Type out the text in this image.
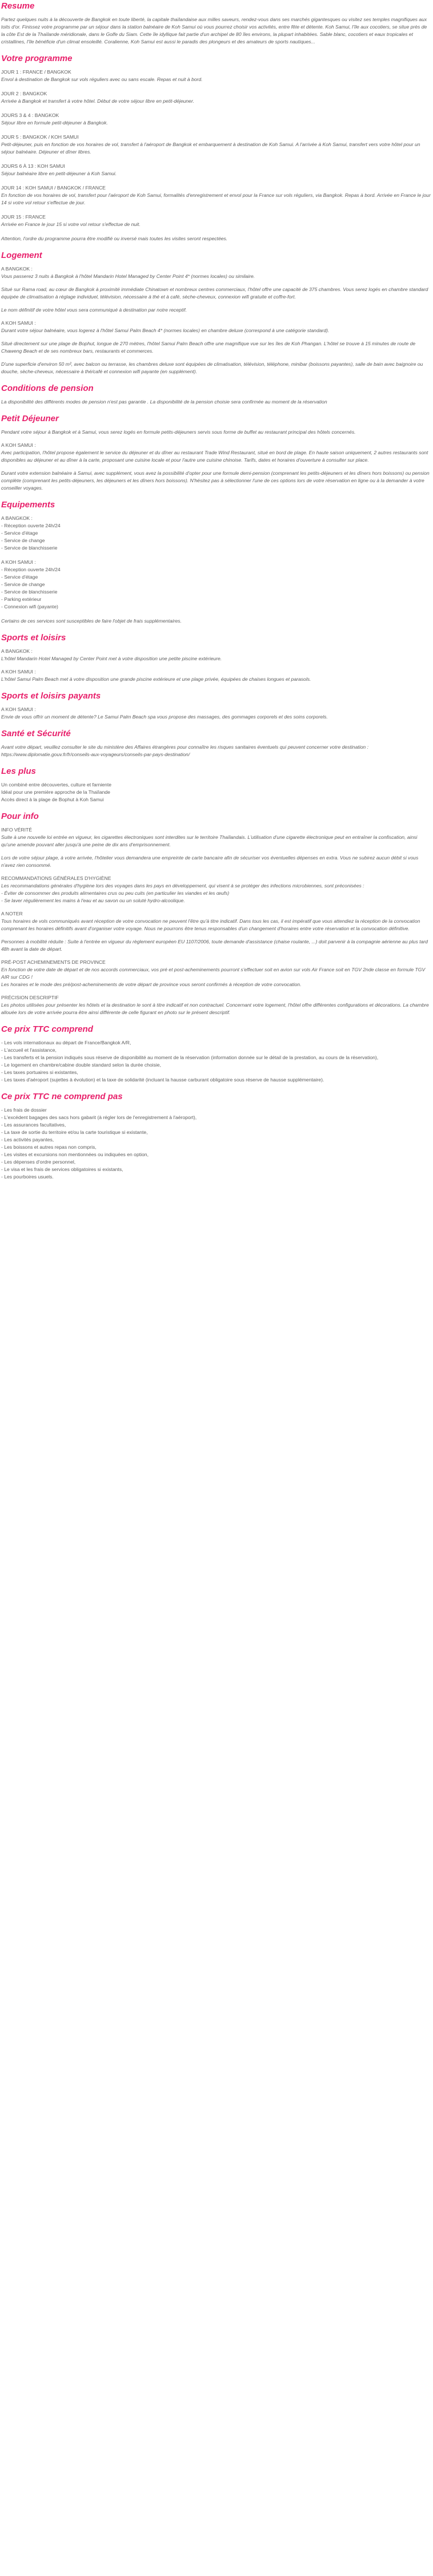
Resume

Partez quelques nuits à la découverte de Bangkok en toute liberté, la capitale thaïlandaise aux milles saveurs, rendez-vous dans ses marchés gigantesques ou visitez ses temples magnifiques aux toits d'or. Finissez votre programme par un séjour dans la station balnéaire de Koh Samui où vous pourrez choisir vos activités, entre fête et détente. Koh Samui, l'île aux cocotiers, se situe près de la côte Est de la Thaïlande méridionale, dans le Golfe du Siam. Cette île idyllique fait partie d'un archipel de 80 îles environs, la plupart inhabitées. Sable blanc, cocotiers et eaux tropicales et cristallines, l'île bénéficie d'un climat ensoleillé. Coralienne, Koh Samui est aussi le paradis des plongeurs et des amateurs de sports nautiques...

Votre programme

JOUR 1 : FRANCE / BANGKOK

Envol à destination de Bangkok sur vols réguliers avec ou sans escale. Repas et nuit à bord.

JOUR 2 : BANGKOK

Arrivée à Bangkok et transfert à votre hôtel. Début de votre séjour libre en petit-déjeuner.

JOURS 3 & 4 : BANGKOK

Séjour libre en formule petit-déjeuner à Bangkok.

JOUR 5 : BANGKOK / KOH SAMUI

Petit-déjeuner, puis en fonction de vos horaires de vol, transfert à l'aéroport de Bangkok et embarquement à destination de Koh Samui. A l'arrivée à Koh Samui, transfert vers votre hôtel pour un séjour balnéaire. Déjeuner et dîner libres.

JOURS 6 À 13 : KOH SAMUI

Séjour balnéaire libre en petit-déjeuner à Koh Samui.

JOUR 14 : KOH SAMUI / BANGKOK / FRANCE

En fonction de vos horaires de vol, transfert pour l'aéroport de Koh Samui, formalités d'enregistrement et envol pour la France sur vols réguliers, via Bangkok. Repas à bord. Arrivée en France le jour 14 si votre vol retour s'effectue de jour.

JOUR 15 : FRANCE

Arrivée en France le jour 15 si votre vol retour s'effectue de nuit.

Attention, l'ordre du programme pourra être modifié ou inversé mais toutes les visites seront respectées.

Logement

A BANGKOK :

Vous passerez 3 nuits à Bangkok à l'hôtel Mandarin Hotel Managed by Center Point 4* (normes locales) ou similaire.

Situé sur Rama road, au cœur de Bangkok à proximité immédiate Chinatown et nombreux centres commerciaux, l'hôtel offre une capacité de 375 chambres. Vous serez logés en chambre standard équipée de climatisation à réglage individuel, télévision, nécessaire à thé et à café, sèche-cheveux, connexion wifi gratuite et coffre-fort.

Le nom définitif de votre hôtel vous sera communiqué à destination par notre receptif.

A KOH SAMUI :

Durant votre séjour balnéaire, vous logerez à l'hôtel Samui Palm Beach 4* (normes locales) en chambre deluxe (correspond à une catégorie standard).

Situé directement sur une plage de Bophut, longue de 270 mètres, l'hôtel Samui Palm Beach offre une magnifique vue sur les îles de Koh Phangan. L'hôtel se trouve à 15 minutes de route de Chaweng Beach et de ses nombreux bars, restaurants et commerces.

D'une superficie d'environ 50 m², avec balcon ou terrasse, les chambres deluxe sont équipées de climatisation, télévision, téléphone, minibar (boissons payantes), salle de bain avec baignoire ou douche, sèche-cheveux, nécessaire à thé/café et connexion wifi payante (en supplément).

Conditions de pension

La disponibilité des différents modes de pension n'est pas garantie . La disponibilité de la pension choisie sera confirmée au moment de la réservation

Petit Déjeuner

Pendant votre séjour à Bangkok et à Samui, vous serez logés en formule petits-déjeuners servis sous forme de buffet au restaurant principal des hôtels concernés.

A KOH SAMUI :

Avec participation, l'hôtel propose également le service du déjeuner et du dîner au restaurant Trade Wind Restaurant, situé en bord de plage. En haute saison uniquement, 2 autres restaurants sont disponibles au déjeuner et au dîner à la carte, proposant une cuisine locale et pour l'autre une cuisine chinoise. Tarifs, dates et horaires d'ouverture à consulter sur place.

Durant votre extension balnéaire à Samui, avec supplément, vous avez la possibilité d'opter pour une formule demi-pension (comprenant les petits-déjeuners et les dîners hors boissons) ou pension complète (comprenant les petits-déjeuners, les déjeuners et les dîners hors boissons). N'hésitez pas à sélectionner l'une de ces options lors de votre réservation en ligne ou à la demander à votre conseiller voyages.

Equipements

A BANGKOK :

- Réception ouverte 24h/24
- Service d'étage
- Service de change
- Service de blanchisserie

A KOH SAMUI :

- Réception ouverte 24h/24
- Service d'étage
- Service de change
- Service de blanchisserie
- Parking extérieur
- Connexion wifi (payante)

Certains de ces services sont susceptibles de faire l'objet de frais supplémentaires.

Sports et loisirs

A BANGKOK :

L'hôtel Mandarin Hotel Managed by Center Point met à votre disposition une petite piscine extérieure.

A KOH SAMUI :

L'hôtel Samui Palm Beach met à votre disposition une grande piscine extérieure et une plage privée, équipées de chaises longues et parasols.

Sports et loisirs payants

A KOH SAMUI :

Envie de vous offrir un moment de détente? Le Samui Palm Beach spa vous propose des massages, des gommages corporels et des soins corporels.

Santé et Sécurité

Avant votre départ, veuillez consulter le site du ministère des Affaires étrangères pour connaître les risques sanitaires éventuels qui peuvent concerner votre destination : https://www.diplomatie.gouv.fr/fr/conseils-aux-voyageurs/conseils-par-pays-destination/

Les plus
Un combiné entre découvertes, culture et farniente
Idéal pour une première approche de la Thaïlande
Accès direct à la plage de Bophut à Koh Samui
Pour info

INFO VÉRITÉ

Suite à une nouvelle loi entrée en vigueur, les cigarettes électroniques sont interdites sur le territoire Thaïlandais. L'utilisation d'une cigarette électronique peut en entraîner la confiscation, ainsi qu'une amende pouvant aller jusqu'à une peine de dix ans d'emprisonnement.

Lors de votre séjour plage, à votre arrivée, l'hôtelier vous demandera une empreinte de carte bancaire afin de sécuriser vos éventuelles dépenses en extra. Vous ne subirez aucun débit si vous n'avez rien consommé.

RECOMMANDATIONS GÉNÉRALES D'HYGIÈNE

Les recommandations générales d'hygiène lors des voyages dans les pays en développement, qui visent à se protéger des infections microbiennes, sont préconisées :
- Éviter de consommer des produits alimentaires crus ou peu cuits (en particulier les viandes et les œufs)
- Se laver régulièrement les mains à l'eau et au savon ou un soluté hydro-alcoolique.

A NOTER

Tous horaires de vols communiqués avant réception de votre convocation ne peuvent l'être qu'à titre indicatif. Dans tous les cas, il est impératif que vous attendiez la réception de la convocation comprenant les horaires définitifs avant d'organiser votre voyage. Nous ne pourrons être tenus responsables d'un changement d'horaires entre votre réservation et la convocation définitive.

Personnes à mobilité réduite : Suite à l'entrée en vigueur du règlement européen EU 1107/2006, toute demande d'assistance (chaise roulante, ...) doit parvenir à la compagnie aérienne au plus tard 48h avant la date de départ.

PRÉ-POST ACHEMINEMENTS DE PROVINCE

En fonction de votre date de départ et de nos accords commerciaux, vos pré et post-acheminements pourront s'effectuer soit en avion sur vols Air France soit en TGV 2nde classe en formule TGV AIR sur CDG !
Les horaires et le mode des pré/post-acheminements de votre départ de province vous seront confirmés à réception de votre convocation.

PRÉCISION DESCRIPTIF

Les photos utilisées pour présenter les hôtels et la destination le sont à titre indicatif et non contractuel. Concernant votre logement, l'hôtel offre différentes configurations et décorations. La chambre allouée lors de votre arrivée pourra être ainsi différente de celle figurant en photo sur le présent descriptif.

Ce prix TTC comprend
- Les vols internationaux au départ de France/Bangkok A/R,
- L'accueil et l'assistance,
- Les transferts et la pension indiqués sous réserve de disponibilité au moment de la réservation (information donnée sur le détail de la prestation, au cours de la réservation),
- Le logement en chambre/cabine double standard selon la durée choisie,
- Les taxes portuaires si existantes,
- Les taxes d'aéroport (sujettes à évolution) et la taxe de solidarité (incluant la hausse carburant obligatoire sous réserve de hausse supplémentaire).
Ce prix TTC ne comprend pas
- Les frais de dossier
- L'excédent bagages des sacs hors gabarit (à régler lors de l'enregistrement à l'aéroport),
- Les assurances facultatives,
- La taxe de sortie du territoire et/ou la carte touristique si existante,
- Les activités payantes,
- Les boissons et autres repas non compris,
- Les visites et excursions non mentionnées ou indiquées en option,
- Les dépenses d'ordre personnel,
- Le visa et les frais de services obligatoires si existants,
- Les pourboires usuels.
